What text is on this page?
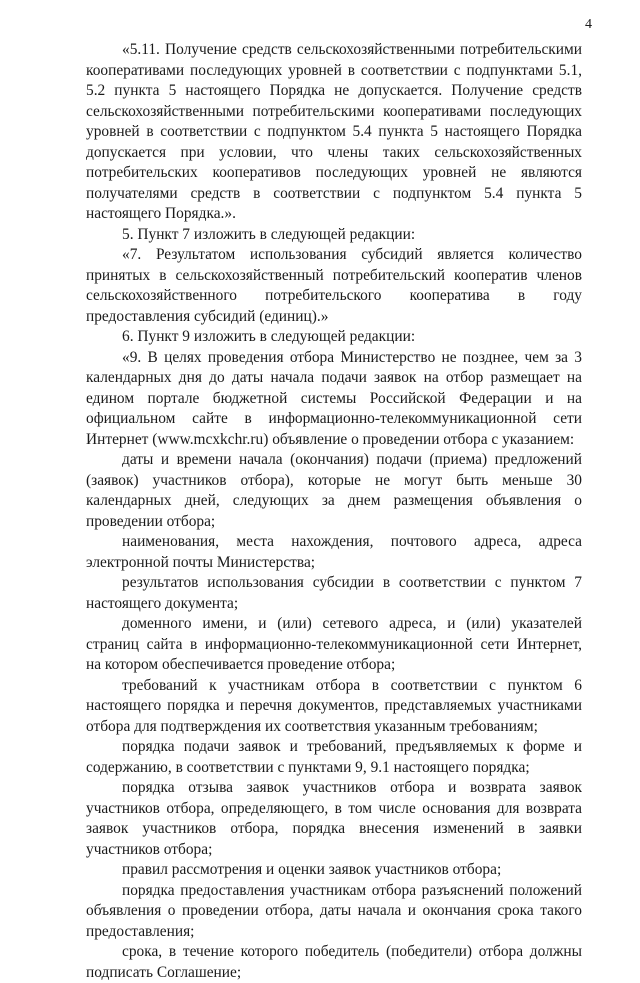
4

«5.11. Получение средств сельскохозяйственными потребительскими кооперативами последующих уровней в соответствии с подпунктами 5.1, 5.2 пункта 5 настоящего Порядка не допускается. Получение средств сельскохозяйственными потребительскими кооперативами последующих уровней в соответствии с подпунктом 5.4 пункта 5 настоящего Порядка допускается при условии, что члены таких сельскохозяйственных потребительских кооперативов последующих уровней не являются получателями средств в соответствии с подпунктом 5.4 пункта 5 настоящего Порядка.».

5. Пункт 7 изложить в следующей редакции:

«7. Результатом использования субсидий является количество принятых в сельскохозяйственный потребительский кооператив членов сельскохозяйственного потребительского кооператива в году предоставления субсидий (единиц).»

6. Пункт 9 изложить в следующей редакции:

«9. В целях проведения отбора Министерство не позднее, чем за 3 календарных дня до даты начала подачи заявок на отбор размещает на едином портале бюджетной системы Российской Федерации и на официальном сайте в информационно-телекоммуникационной сети Интернет (www.mcxkchr.ru) объявление о проведении отбора с указанием:

даты и времени начала (окончания) подачи (приема) предложений (заявок) участников отбора), которые не могут быть меньше 30 календарных дней, следующих за днем размещения объявления о проведении отбора;

наименования, места нахождения, почтового адреса, адреса электронной почты Министерства;

результатов использования субсидии в соответствии с пунктом 7 настоящего документа;

доменного имени, и (или) сетевого адреса, и (или) указателей страниц сайта в информационно-телекоммуникационной сети Интернет, на котором обеспечивается проведение отбора;

требований к участникам отбора в соответствии с пунктом 6 настоящего порядка и перечня документов, представляемых участниками отбора для подтверждения их соответствия указанным требованиям;

порядка подачи заявок и требований, предъявляемых к форме и содержанию, в соответствии с пунктами 9, 9.1 настоящего порядка;

порядка отзыва заявок участников отбора и возврата заявок участников отбора, определяющего, в том числе основания для возврата заявок участников отбора, порядка внесения изменений в заявки участников отбора;

правил рассмотрения и оценки заявок участников отбора;

порядка предоставления участникам отбора разъяснений положений объявления о проведении отбора, даты начала и окончания срока такого предоставления;

срока, в течение которого победитель (победители) отбора должны подписать Соглашение;
